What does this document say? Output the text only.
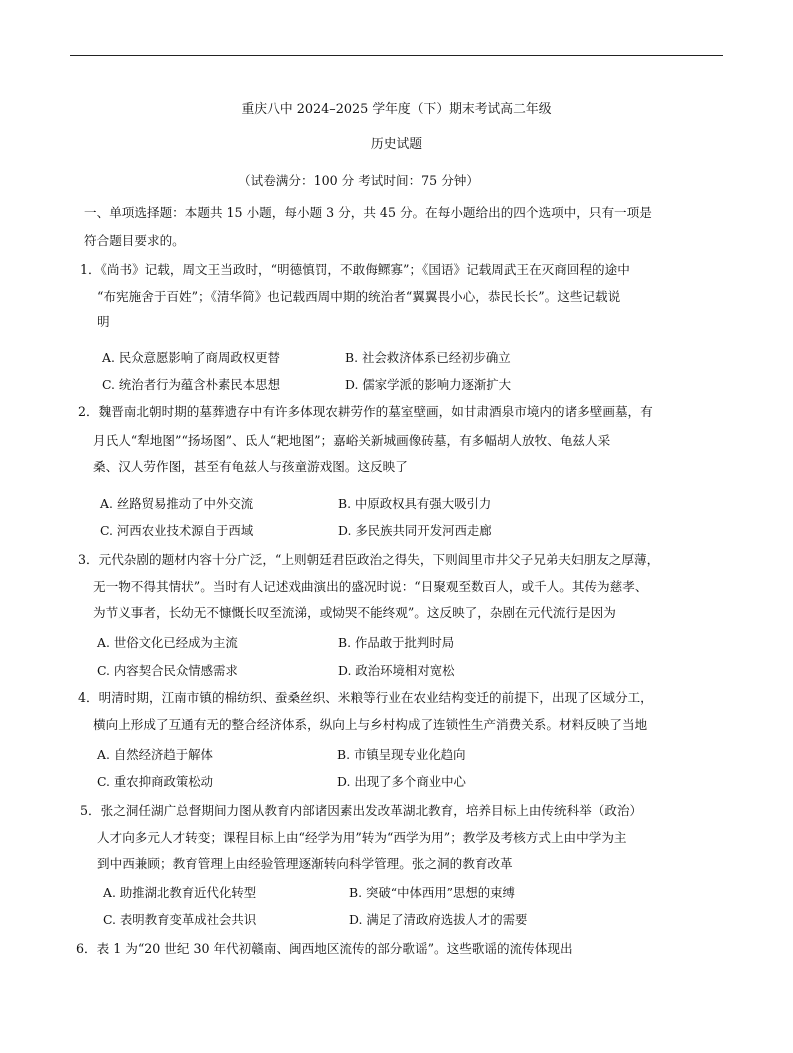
重庆八中 2024–2025 学年度（下）期末考试高二年级
历史试题
（试卷满分：100 分 考试时间：75 分钟）
一、单项选择题：本题共 15 小题，每小题 3 分，共 45 分。在每小题给出的四个选项中，只有一项是
符合题目要求的。
1．《尚书》记载，周文王当政时，“明德慎罚，不敢侮鳏寡”；《国语》记载周武王在灭商回程的途中
“布宪施舍于百姓”；《清华简》也记载西周中期的统治者“翼翼畏小心，恭民长长”。这些记载说
明
A. 民众意愿影响了商周政权更替	B. 社会救济体系已经初步确立
C. 统治者行为蕴含朴素民本思想	D. 儒家学派的影响力逐渐扩大
2．魏晋南北朝时期的墓葬遗存中有许多体现农耕劳作的墓室壁画，如甘肃酒泉市境内的诸多壁画墓，有
月氏人“犁地图”“扬场图”、氐人“耙地图”；嘉峪关新城画像砖墓，有多幅胡人放牧、龟兹人采
桑、汉人劳作图，甚至有龟兹人与孩童游戏图。这反映了
A. 丝路贸易推动了中外交流	B. 中原政权具有强大吸引力
C. 河西农业技术源自于西域	D. 多民族共同开发河西走廊
3．元代杂剧的题材内容十分广泛，“上则朝廷君臣政治之得失，下则闾里市井父子兄弟夫妇朋友之厚薄，
无一物不得其情状”。当时有人记述戏曲演出的盛况时说：“日聚观至数百人，或千人。其传为慈孝、
为节义事者，长幼无不慷慨长叹至流涕，或恸哭不能终观”。这反映了，杂剧在元代流行是因为
A. 世俗文化已经成为主流	B. 作品敢于批判时局
C. 内容契合民众情感需求	D. 政治环境相对宽松
4．明清时期，江南市镇的棉纺织、蚕桑丝织、米粮等行业在农业结构变迁的前提下，出现了区域分工，
横向上形成了互通有无的整合经济体系，纵向上与乡村构成了连锁性生产消费关系。材料反映了当地
A. 自然经济趋于解体	B. 市镇呈现专业化趋向
C. 重农抑商政策松动	D. 出现了多个商业中心
5．张之洞任湖广总督期间力图从教育内部诸因素出发改革湖北教育，培养目标上由传统科举（政治）
人才向多元人才转变；课程目标上由“经学为用”转为“西学为用”；教学及考核方式上由中学为主
到中西兼顾；教育管理上由经验管理逐渐转向科学管理。张之洞的教育改革
A. 助推湖北教育近代化转型	B. 突破“中体西用”思想的束缚
C. 表明教育变革成社会共识	D. 满足了清政府选拔人才的需要
6．表 1 为“20 世纪 30 年代初赣南、闽西地区流传的部分歌谣”。这些歌谣的流传体现出
